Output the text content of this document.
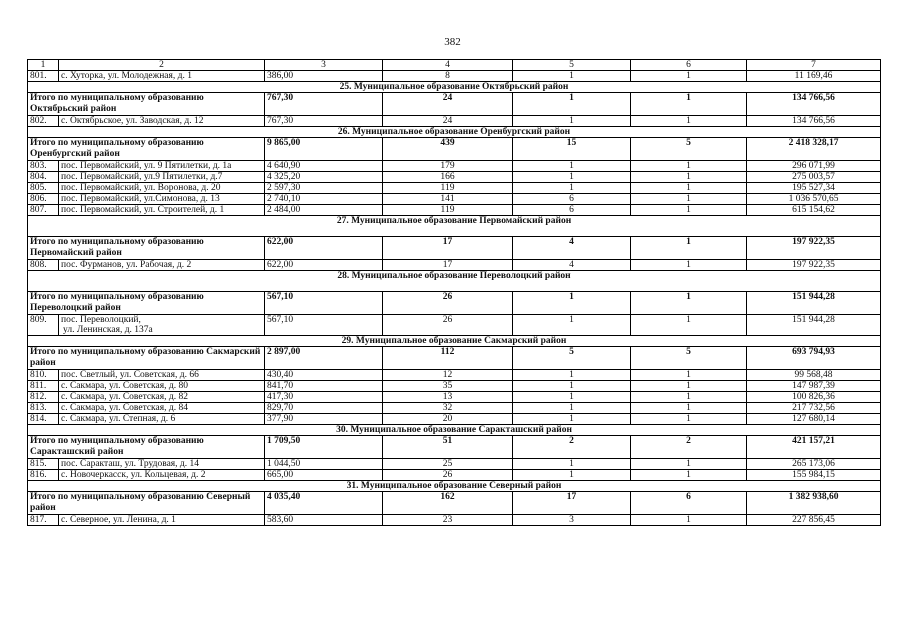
382
1	2	3	4	5	6	7
801.	с. Хуторка, ул. Молодежная, д. 1	386,00	8	1	1	11 169,46
25. Муниципальное образование Октябрьский район						
Итого по муниципальному образованию Октябрьский район		767,30	24	1	1	134 766,56
802.	с. Октябрьское, ул. Заводская, д. 12	767,30	24	1	1	134 766,56
26. Муниципальное образование Оренбургский район						
Итого по муниципальному образованию Оренбургский район		9 865,00	439	15	5	2 418 328,17
803.	пос. Первомайский, ул. 9 Пятилетки, д. 1а	4 640,90	179	1	1	296 071,99
804.	пос. Первомайский, ул.9 Пятилетки, д.7	4 325,20	166	1	1	275 003,57
805.	пос. Первомайский, ул. Воронова, д. 20	2 597,30	119	1	1	195 527,34
806.	пос. Первомайский, ул.Симонова, д. 13	2 740,10	141	6	1	1 036 570,65
807.	пос. Первомайский, ул. Строителей, д. 1	2 484,00	119	6	1	615 154,62
27. Муниципальное образование Первомайский район						
Итого по муниципальному образованию Первомайский район		622,00	17	4	1	197 922,35
808.	пос. Фурманов, ул. Рабочая, д. 2	622,00	17	4	1	197 922,35
28. Муниципальное образование Переволоцкий район						
Итого по муниципальному образованию Переволоцкий район		567,10	26	1	1	151 944,28
809.	пос. Переволоцкий,
ул. Ленинская, д. 137а	567,10	26	1	1	151 944,28
29. Муниципальное образование Сакмарский район						
Итого по муниципальному образованию Сакмарский район		2 897,00	112	5	5	693 794,93
810.	пос. Светлый, ул. Советская, д. 66	430,40	12	1	1	99 568,48
811.	с. Сакмара, ул. Советская, д. 80	841,70	35	1	1	147 987,39
812.	с. Сакмара, ул. Советская, д. 82	417,30	13	1	1	100 826,36
813.	с. Сакмара, ул. Советская, д. 84	829,70	32	1	1	217 732,56
814.	с. Сакмара, ул. Степная, д. 6	377,90	20	1	1	127 680,14
30. Муниципальное образование Саракташский район						
Итого по муниципальному образованию Саракташский район		1 709,50	51	2	2	421 157,21
815.	пос. Саракташ, ул. Трудовая, д. 14	1 044,50	25	1	1	265 173,06
816.	с. Новочеркасск, ул. Кольцевая, д. 2	665,00	26	1	1	155 984,15
31. Муниципальное образование Северный район						
Итого по муниципальному образованию Северный район		4 035,40	162	17	6	1 382 938,60
817.	с. Северное, ул. Ленина, д. 1	583,60	23	3	1	227 856,45
